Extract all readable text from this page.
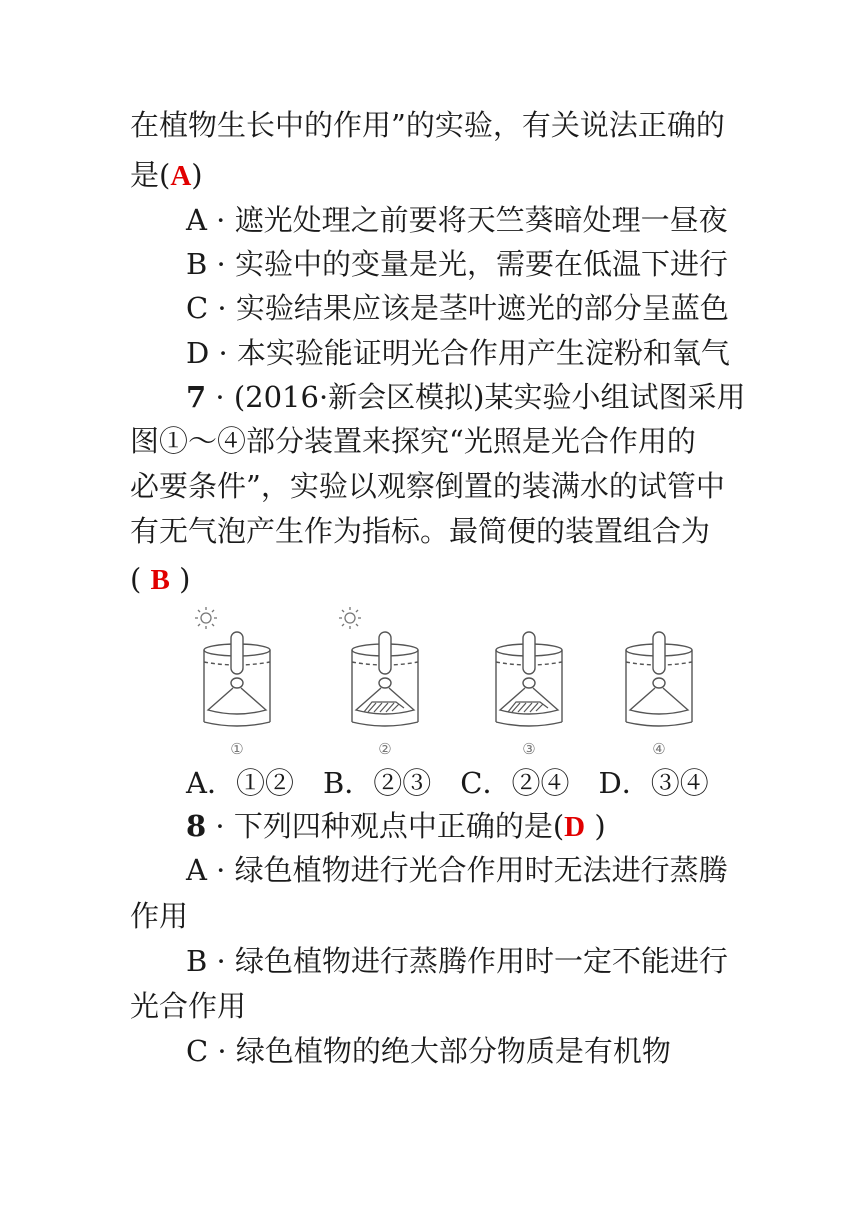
在植物生长中的作用”的实验，有关说法正确的
是(A)
A · 遮光处理之前要将天竺葵暗处理一昼夜
B · 实验中的变量是光，需要在低温下进行
C · 实验结果应该是茎叶遮光的部分呈蓝色
D · 本实验能证明光合作用产生淀粉和氧气
7 · (2016·新会区模拟)某实验小组试图采用
图①～④部分装置来探究“光照是光合作用的
必要条件”，实验以观察倒置的装满水的试管中
有无气泡产生作为指标。最简便的装置组合为
( B )
①	②	③	④
A．①②　B．②③　C．②④　D．③④
8 · 下列四种观点中正确的是(D )
A · 绿色植物进行光合作用时无法进行蒸腾
作用
B · 绿色植物进行蒸腾作用时一定不能进行
光合作用
C · 绿色植物的绝大部分物质是有机物
